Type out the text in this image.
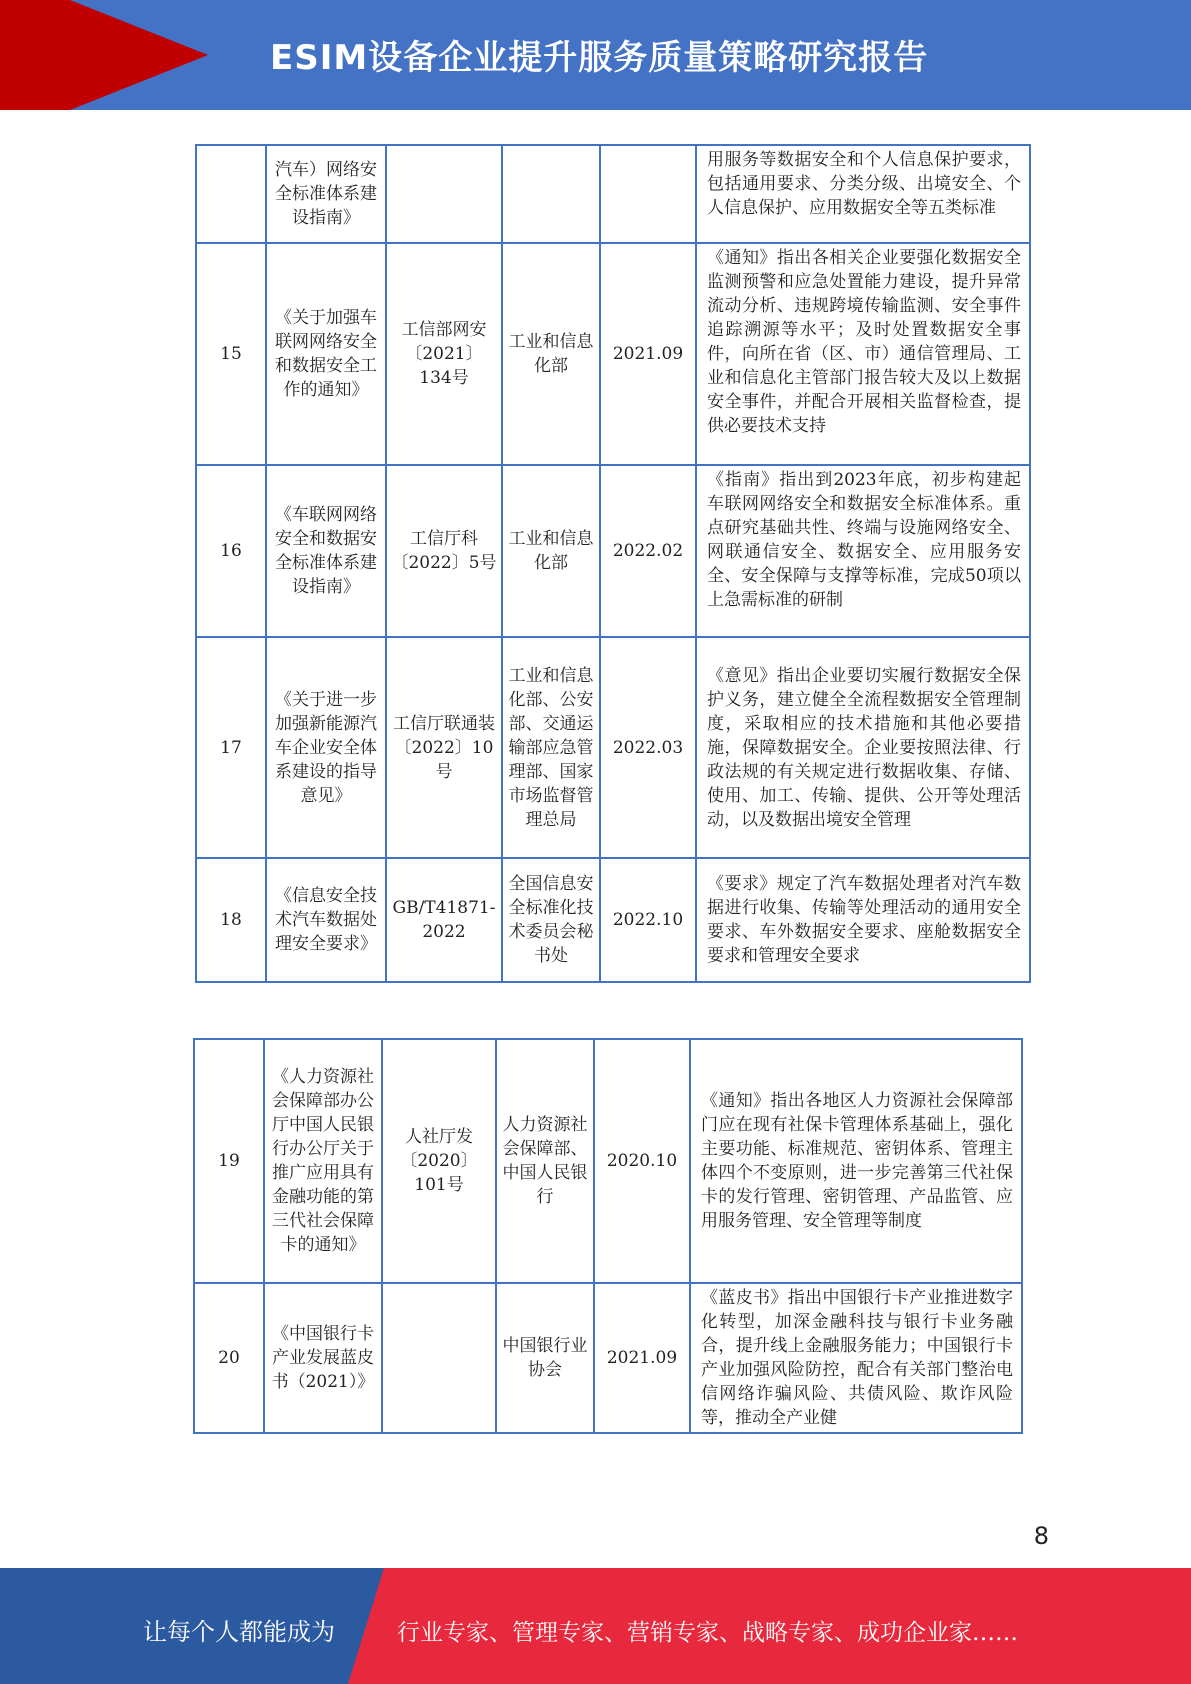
ESIM设备企业提升服务质量策略研究报告
	汽车）网络安全标准体系建设指南》				用服务等数据安全和个人信息保护要求，包括通用要求、分类分级、出境安全、个人信息保护、应用数据安全等五类标准
15	《关于加强车联网网络安全和数据安全工作的通知》	工信部网安〔2021〕134号	工业和信息化部	2021.09	《通知》指出各相关企业要强化数据安全监测预警和应急处置能力建设，提升异常流动分析、违规跨境传输监测、安全事件追踪溯源等水平；及时处置数据安全事件，向所在省（区、市）通信管理局、工业和信息化主管部门报告较大及以上数据安全事件，并配合开展相关监督检查，提供必要技术支持
16	《车联网网络安全和数据安全标准体系建设指南》	工信厅科〔2022〕5号	工业和信息化部	2022.02	《指南》指出到2023年底，初步构建起车联网网络安全和数据安全标准体系。重点研究基础共性、终端与设施网络安全、网联通信安全、数据安全、应用服务安全、安全保障与支撑等标准，完成50项以上急需标准的研制
17	《关于进一步加强新能源汽车企业安全体系建设的指导意见》	工信厅联通装〔2022〕10号	工业和信息化部、公安部、交通运输部应急管理部、国家市场监督管理总局	2022.03	《意见》指出企业要切实履行数据安全保护义务，建立健全全流程数据安全管理制度，采取相应的技术措施和其他必要措施，保障数据安全。企业要按照法律、行政法规的有关规定进行数据收集、存储、使用、加工、传输、提供、公开等处理活动，以及数据出境安全管理
18	《信息安全技术汽车数据处理安全要求》	GB/T41871-2022	全国信息安全标准化技术委员会秘书处	2022.10	《要求》规定了汽车数据处理者对汽车数据进行收集、传输等处理活动的通用安全要求、车外数据安全要求、座舱数据安全要求和管理安全要求
19	《人力资源社会保障部办公厅中国人民银行办公厅关于推广应用具有金融功能的第三代社会保障卡的通知》	人社厅发〔2020〕101号	人力资源社会保障部、中国人民银行	2020.10	《通知》指出各地区人力资源社会保障部门应在现有社保卡管理体系基础上，强化主要功能、标准规范、密钥体系、管理主体四个不变原则，进一步完善第三代社保卡的发行管理、密钥管理、产品监管、应用服务管理、安全管理等制度
20	《中国银行卡产业发展蓝皮书（2021）》		中国银行业协会	2021.09	《蓝皮书》指出中国银行卡产业推进数字化转型，加深金融科技与银行卡业务融合，提升线上金融服务能力；中国银行卡产业加强风险防控，配合有关部门整治电信网络诈骗风险、共债风险、欺诈风险等，推动全产业健
8
让每个人都能成为	行业专家、管理专家、营销专家、战略专家、成功企业家……
